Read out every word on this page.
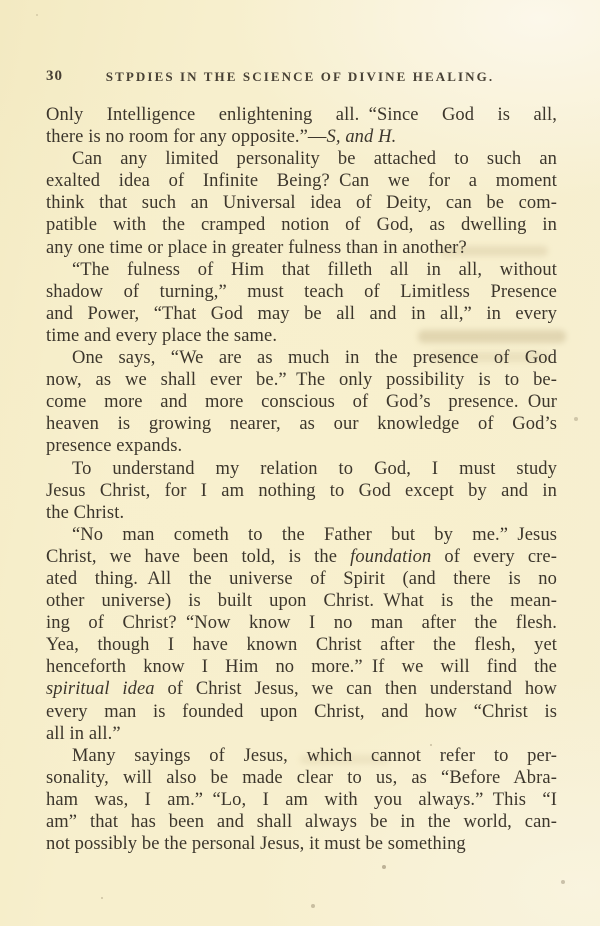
30	STPDIES IN THE SCIENCE OF DIVINE HEALING.
Only Intelligence enlightening all. “Since God is all,
there is no room for any opposite.”—S, and H.
Can any limited personality be attached to such an
exalted idea of Infinite Being? Can we for a moment
think that such an Universal idea of Deity, can be com-
patible with the cramped notion of God, as dwelling in
any one time or place in greater fulness than in another?
“The fulness of Him that filleth all in all, without
shadow of turning,” must teach of Limitless Presence
and Power, “That God may be all and in all,” in every
time and every place the same.
One says, “We are as much in the presence of God
now, as we shall ever be.” The only possibility is to be-
come more and more conscious of God’s presence. Our
heaven is growing nearer, as our knowledge of God’s
presence expands.
To understand my relation to God, I must study
Jesus Christ, for I am nothing to God except by and in
the Christ.
“No man cometh to the Father but by me.” Jesus
Christ, we have been told, is the foundation of every cre-
ated thing. All the universe of Spirit (and there is no
other universe) is built upon Christ. What is the mean-
ing of Christ? “Now know I no man after the flesh.
Yea, though I have known Christ after the flesh, yet
henceforth know I Him no more.” If we will find the
spiritual idea of Christ Jesus, we can then understand how
every man is founded upon Christ, and how “Christ is
all in all.”
Many sayings of Jesus, which cannot refer to per-
sonality, will also be made clear to us, as “Before Abra-
ham was, I am.” “Lo, I am with you always.” This “I
am” that has been and shall always be in the world, can-
not possibly be the personal Jesus, it must be something
